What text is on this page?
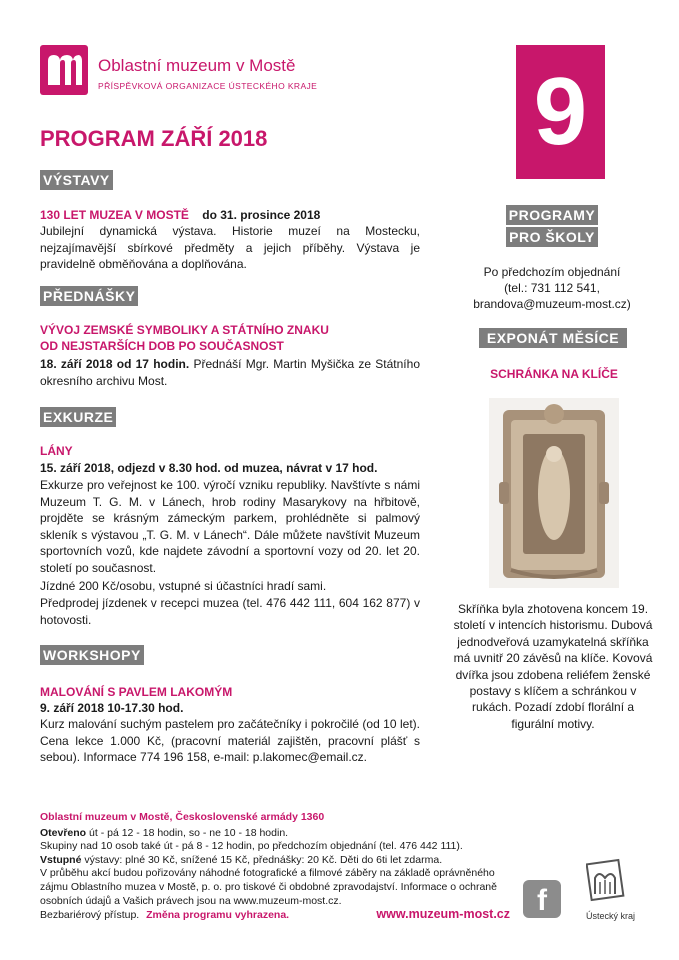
Oblastní muzeum v Mostě
PŘÍSPĚVKOVÁ ORGANIZACE ÚSTECKÉHO KRAJE 9
PROGRAM ZÁŘÍ 2018
VÝSTAVY
130 LET MUZEA V MOSTĚ do 31. prosince 2018
Jubilejní dynamická výstava. Historie muzeí na Mostecku, nejzajímavější sbírkové předměty a jejich příběhy. Výstava je pravidelně obměňována a doplňována.
PŘEDNÁŠKY
VÝVOJ ZEMSKÉ SYMBOLIKY A STÁTNÍHO ZNAKU
OD NEJSTARŠÍCH DOB PO SOUČASNOST
18. září 2018 od 17 hodin. Přednáší Mgr. Martin Myšička ze Státního okresního archivu Most.
EXKURZE
LÁNY
15. září 2018, odjezd v 8.30 hod. od muzea, návrat v 17 hod.
Exkurze pro veřejnost ke 100. výročí vzniku republiky. Navštívte s námi Muzeum T. G. M. v Lánech, hrob rodiny Masarykovy na hřbitově, projděte se krásným zámeckým parkem, prohlédněte si palmový skleník s výstavou „T. G. M. v Lánech“. Dále můžete navštívit Muzeum sportovních vozů, kde najdete závodní a sportovní vozy od 20. let 20. století po současnost.
Jízdné 200 Kč/osobu, vstupné si účastníci hradí sami.
Předprodej jízdenek v recepci muzea (tel. 476 442 111, 604 162 877) v hotovosti.
WORKSHOPY
MALOVÁNÍ S PAVLEM LAKOMÝM
9. září 2018 10-17.30 hod.
Kurz malování suchým pastelem pro začátečníky i pokročilé (od 10 let). Cena lekce 1.000 Kč, (pracovní materiál zajištěn, pracovní plášť s sebou). Informace 774 196 158, e-mail: p.lakomec@email.cz.
PROGRAMY PRO ŠKOLY
Po předchozím objednání
(tel.: 731 112 541,
brandova@muzeum-most.cz)
EXPONÁT MĚSÍCE
SCHRÁNKA NA KLÍČE
Skříňka byla zhotovena koncem 19. století v intencích historismu. Dubová jednodveřová uzamykatelná skříňka má uvnitř 20 závěsů na klíče. Kovová dvířka jsou zdobena reliéfem ženské postavy s klíčem a schránkou v rukách. Pozadí zdobí florální a figurální motivy.
Oblastní muzeum v Mostě, Československé armády 1360
Otevřeno út - pá 12 - 18 hodin, so - ne 10 - 18 hodin.
Skupiny nad 10 osob také út - pá 8 - 12 hodin, po předchozím objednání (tel. 476 442 111).
Vstupné výstavy: plné 30 Kč, snížené 15 Kč, přednášky: 20 Kč. Děti do 6ti let zdarma.
V průběhu akcí budou pořizovány náhodné fotografické a filmové záběry na základě oprávněného zájmu Oblastního muzea v Mostě, p. o. pro tiskové či obdobné zpravodajství. Informace o ochraně osobních údajů a Vašich právech jsou na www.muzeum-most.cz.
Bezbariérový přístup. Změna programu vyhrazena.	www.muzeum-most.cz f	Ústecký kraj
